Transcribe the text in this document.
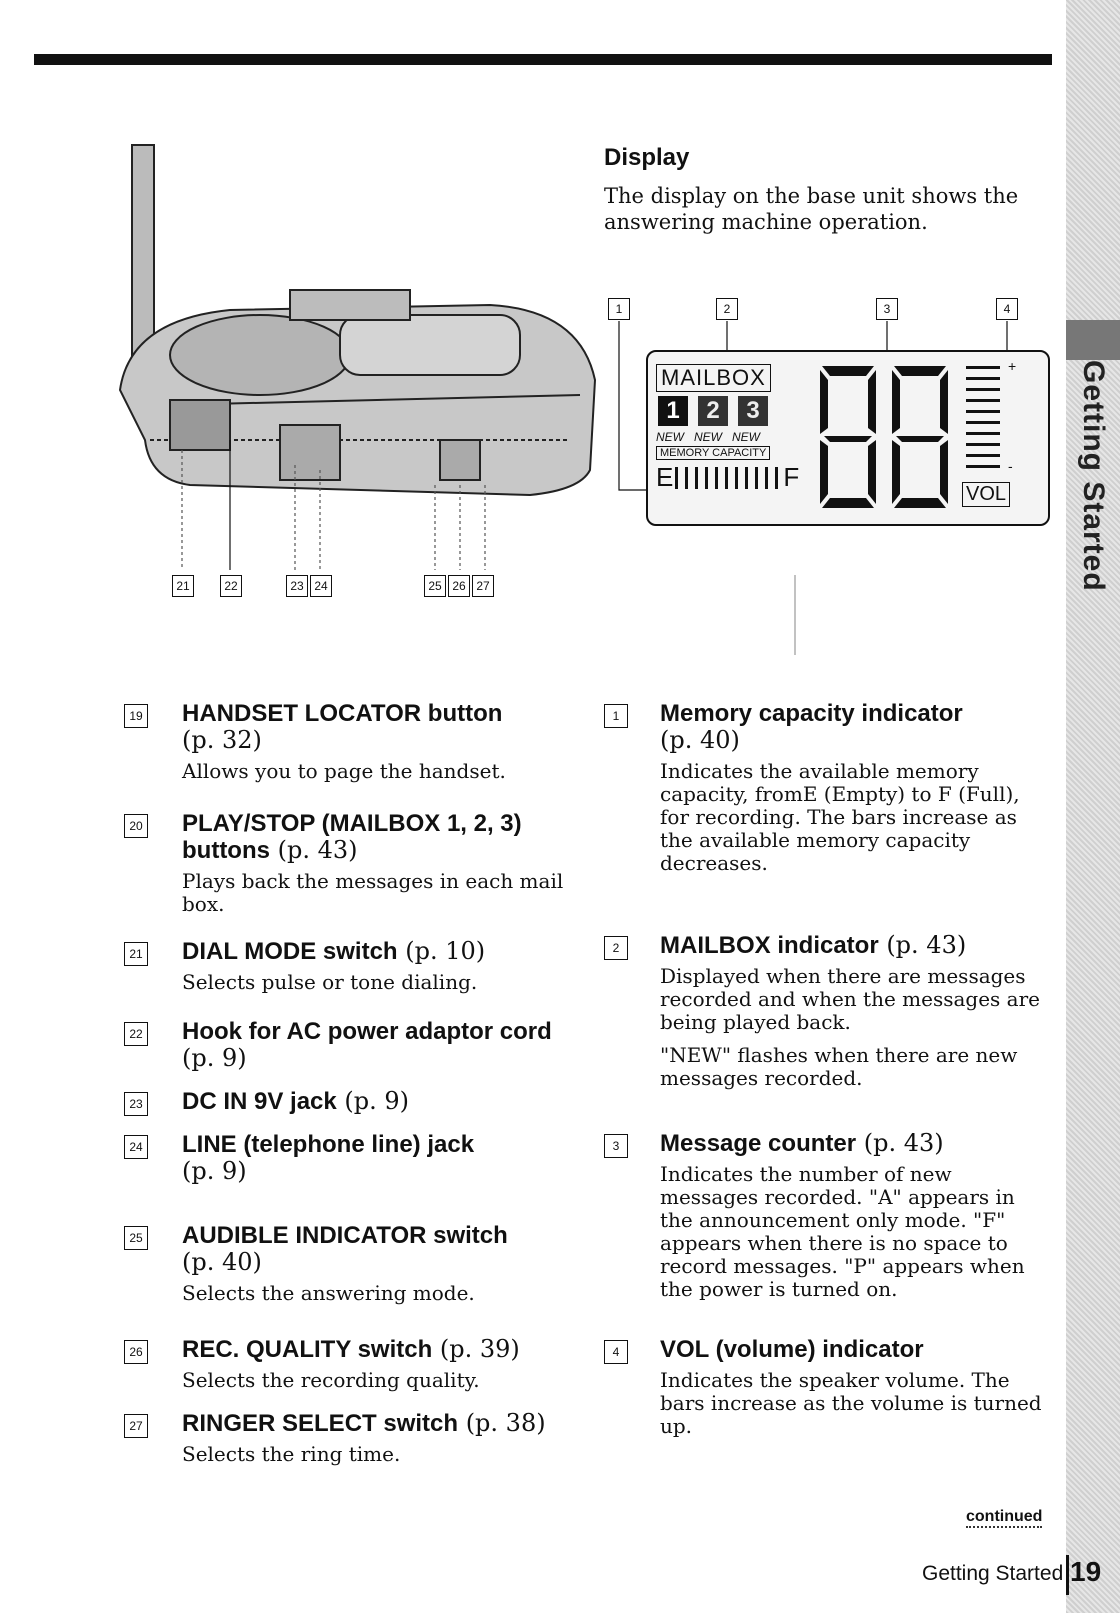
Getting Started
21	22	23 24	25 26 27
Display
The display on the base unit shows the answering machine operation.
1	2	3	4
MAILBOX
1	2	3
NEW NEW NEW
MEMORY CAPACITY
E	F
+
-
VOL
19 HANDSET LOCATOR button
(p. 32)
Allows you to page the handset.
20 PLAY/STOP (MAILBOX 1, 2, 3) buttons (p. 43)
Plays back the messages in each mail box.
21 DIAL MODE switch (p. 10)
Selects pulse or tone dialing.
22 Hook for AC power adaptor cord (p. 9)
23 DC IN 9V jack (p. 9)
24 LINE (telephone line) jack
(p. 9)
25 AUDIBLE INDICATOR switch
(p. 40)
Selects the answering mode.
26 REC. QUALITY switch (p. 39)
Selects the recording quality.
27 RINGER SELECT switch (p. 38)
Selects the ring time.
1	Memory capacity indicator
(p. 40)
Indicates the available memory capacity, fromE (Empty) to F (Full), for recording. The bars increase as the available memory capacity decreases.
2	MAILBOX indicator (p. 43)
Displayed when there are messages recorded and when the messages are being played back.
"NEW" flashes when there are new messages recorded.
3	Message counter (p. 43)
Indicates the number of new messages recorded. "A" appears in the announcement only mode. "F" appears when there is no space to record messages. "P" appears when the power is turned on.
4	VOL (volume) indicator
Indicates the speaker volume. The bars increase as the volume is turned up.
continued
Getting Started 19
